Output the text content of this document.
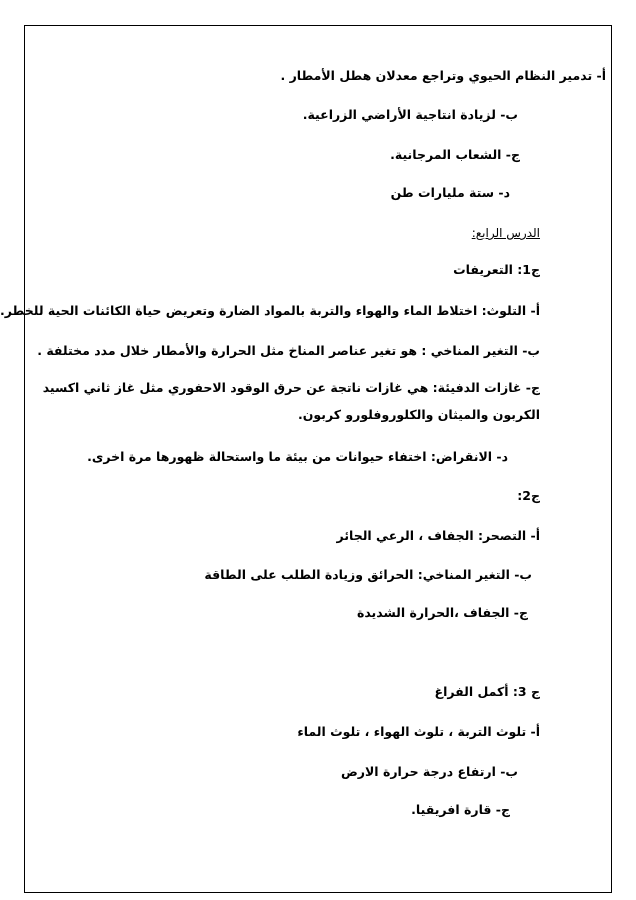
أ- تدمير النظام الحيوي وتراجع معدلان هطل الأمطار .
ب- لزيادة انتاجية الأراضي الزراعية.
ج- الشعاب المرجانية.
د- ستة مليارات طن
الدرس الرابع:
ج1: التعريفات
أ- التلوث: اختلاط الماء والهواء والتربة بالمواد الضارة وتعريض حياة الكائنات الحية للخطر.
ب- التغير المناخي : هو تغير عناصر المناخ مثل الحرارة والأمطار خلال مدد مختلفة .
ج- غازات الدفيئة: هي غازات ناتجة عن حرق الوقود الاحفوري مثل غاز ثاني اكسيد
الكربون والميثان والكلوروفلورو كربون.
د- الانقراض: اختفاء حيوانات من بيئة ما واستحالة ظهورها مرة اخرى.
ج2:
أ- التصحر: الجفاف ، الرعي الجائر
ب- التغير المناخي: الحرائق وزيادة الطلب على الطاقة
ج- الجفاف ،الحرارة الشديدة
ج 3: أكمل الفراغ
أ- تلوث التربة ، تلوث الهواء ، تلوث الماء
ب- ارتفاع درجة حرارة الارض
ج- قارة افريقيا.
